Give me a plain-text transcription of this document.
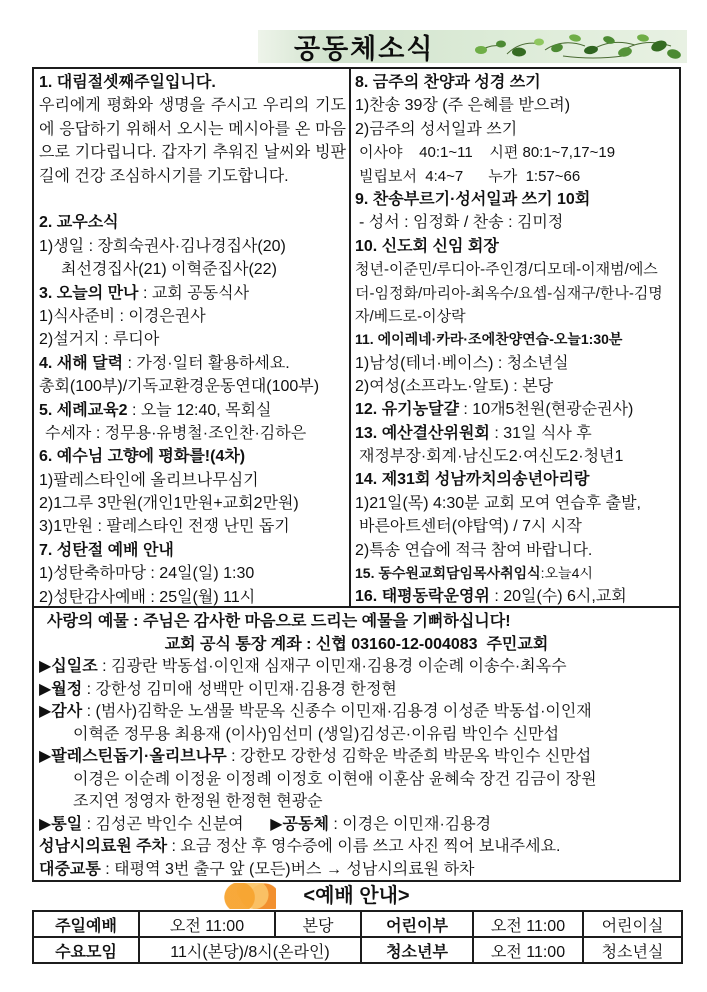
공동체소식
1. 대림절셋째주일입니다.
우리에게 평화와 생명을 주시고 우리의 기도에 응답하기 위해서 오시는 메시아를 온 마음으로 기다립니다. 갑자기 추워진 날씨와 빙판길에 건강 조심하시기를 기도합니다.
2. 교우소식
1)생일 : 장희숙권사·김나경집사(20)
최선경집사(21) 이혁준집사(22)
3. 오늘의 만나 : 교회 공동식사
1)식사준비 : 이경은권사
2)설거지 : 루디아
4. 새해 달력 : 가정·일터 활용하세요.
총회(100부)/기독교환경운동연대(100부)
5. 세례교육2 : 오늘 12:40, 목회실
수세자 : 정무용·유병철·조인찬·김하은
6. 예수님 고향에 평화를!(4차)
1)팔레스타인에 올리브나무심기
2)1그루 3만원(개인1만원+교회2만원)
3)1만원 : 팔레스타인 전쟁 난민 돕기
7. 성탄절 예배 안내
1)성탄축하마당 : 24일(일) 1:30
2)성탄감사예배 : 25일(월) 11시
8. 금주의 찬양과 성경 쓰기
1)찬송 39장 (주 은혜를 받으려)
2)금주의 성서일과 쓰기
이사야    40:1~11    시편 80:1~7,17~19
빌립보서  4:4~7      누가  1:57~66
9. 찬송부르기·성서일과 쓰기 10회
- 성서 : 임정화 / 찬송 : 김미정
10. 신도회 신임 회장
청년-이준민/루디아-주인경/디모데-이재범/에스더-임정화/마리아-최옥수/요셉-심재구/한나-김명자/베드로-이상락
11. 에이레네·카라·조에찬양연습-오늘1:30분
1)남성(테너·베이스) : 청소년실
2)여성(소프라노·알토) : 본당
12. 유기농달걀 : 10개5천원(현광순권사)
13. 예산결산위원회 : 31일 식사 후
재정부장·회계·남신도2·여신도2·청년1
14. 제31회 성남까치의송년아리랑
1)21일(목) 4:30분 교회 모여 연습후 출발,
바른아트센터(야탑역) / 7시 시작
2)특송 연습에 적극 참여 바랍니다.
15. 동수원교회담임목사취임식:오늘4시
16. 태평동락운영위 : 20일(수) 6시,교회
사랑의 예물 : 주님은 감사한 마음으로 드리는 예물을 기뻐하십니다!
교회 공식 통장 계좌 : 신협 03160-12-004083  주민교회
▶십일조 : 김광란 박동섭·이인재 심재구 이민재·김용경 이순례 이송수·최옥수
▶월정 : 강한성 김미애 성백만 이민재·김용경 한정현
▶감사 : (범사)김학운 노샘물 박문옥 신종수 이민재·김용경 이성준 박동섭·이인재
이혁준 정무용 최용재 (이사)임선미 (생일)김성곤·이유림 박인수 신만섭
▶팔레스틴돕기·올리브나무 : 강한모 강한성 김학운 박준희 박문옥 박인수 신만섭
이경은 이순례 이정윤 이정례 이정호 이현애 이훈삼 윤혜숙 장건 김금이 장원
조지연 정영자 한정원 한정현 현광순
▶통일 : 김성곤 박인수 신분여      ▶공동체 : 이경은 이민재·김용경
성남시의료원 주차 : 요금 정산 후 영수증에 이름 쓰고 사진 찍어 보내주세요.
대중교통 : 태평역 3번 출구 앞 (모든)버스 → 성남시의료원 하차
<예배 안내>
주일예배	오전 11:00	본당	어린이부	오전 11:00	어린이실
수요모임	11시(본당)/8시(온라인)		청소년부	오전 11:00	청소년실
